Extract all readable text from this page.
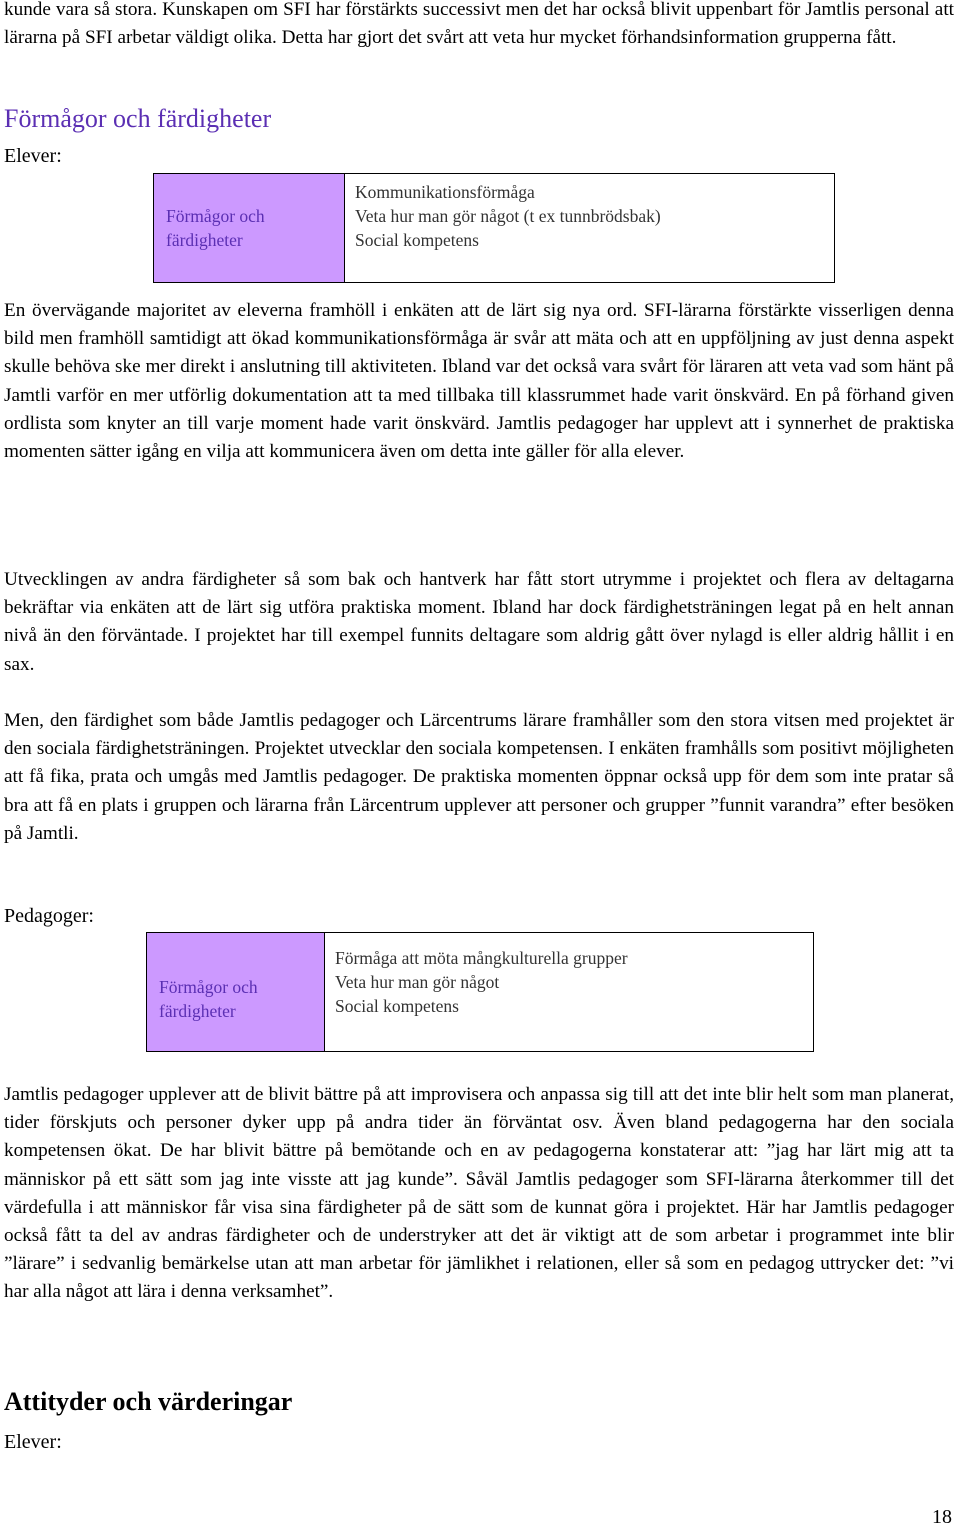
kunde vara så stora. Kunskapen om SFI har förstärkts successivt men det har också blivit uppenbart för Jamtlis personal att lärarna på SFI arbetar väldigt olika. Detta har gjort det svårt att veta hur mycket förhandsinformation grupperna fått.

Förmågor och färdigheter
Elever:
Förmågor och färdigheter
Kommunikationsförmåga
Veta hur man gör något (t ex tunnbrödsbak)
Social kompetens

En övervägande majoritet av eleverna framhöll i enkäten att de lärt sig nya ord. SFI-lärarna förstärkte visserligen denna bild men framhöll samtidigt att ökad kommunikationsförmåga är svår att mäta och att en uppföljning av just denna aspekt skulle behöva ske mer direkt i anslutning till aktiviteten. Ibland var det också vara svårt för läraren att veta vad som hänt på Jamtli varför en mer utförlig dokumentation att ta med tillbaka till klassrummet hade varit önskvärd. En på förhand given ordlista som knyter an till varje moment hade varit önskvärd. Jamtlis pedagoger har upplevt att i synnerhet de praktiska momenten sätter igång en vilja att kommunicera även om detta inte gäller för alla elever.

Utvecklingen av andra färdigheter så som bak och hantverk har fått stort utrymme i projektet och flera av deltagarna bekräftar via enkäten att de lärt sig utföra praktiska moment. Ibland har dock färdighetsträningen legat på en helt annan nivå än den förväntade. I projektet har till exempel funnits deltagare som aldrig gått över nylagd is eller aldrig hållit i en sax.

Men, den färdighet som både Jamtlis pedagoger och Lärcentrums lärare framhåller som den stora vitsen med projektet är den sociala färdighetsträningen. Projektet utvecklar den sociala kompetensen. I enkäten framhålls som positivt möjligheten att få fika, prata och umgås med Jamtlis pedagoger. De praktiska momenten öppnar också upp för dem som inte pratar så bra att få en plats i gruppen och lärarna från Lärcentrum upplever att personer och grupper ”funnit varandra” efter besöken på Jamtli.

Pedagoger:
Förmågor och färdigheter
Förmåga att möta mångkulturella grupper
Veta hur man gör något
Social kompetens

Jamtlis pedagoger upplever att de blivit bättre på att improvisera och anpassa sig till att det inte blir helt som man planerat, tider förskjuts och personer dyker upp på andra tider än förväntat osv. Även bland pedagogerna har den sociala kompetensen ökat. De har blivit bättre på bemötande och en av pedagogerna konstaterar att: ”jag har lärt mig att ta människor på ett sätt som jag inte visste att jag kunde”. Såväl Jamtlis pedagoger som SFI-lärarna återkommer till det värdefulla i att människor får visa sina färdigheter på de sätt som de kunnat göra i projektet. Här har Jamtlis pedagoger också fått ta del av andras färdigheter och de understryker att det är viktigt att de som arbetar i programmet inte blir ”lärare” i sedvanlig bemärkelse utan att man arbetar för jämlikhet i relationen, eller så som en pedagog uttrycker det: ”vi har alla något att lära i denna verksamhet”.

Attityder och värderingar
Elever:
18
